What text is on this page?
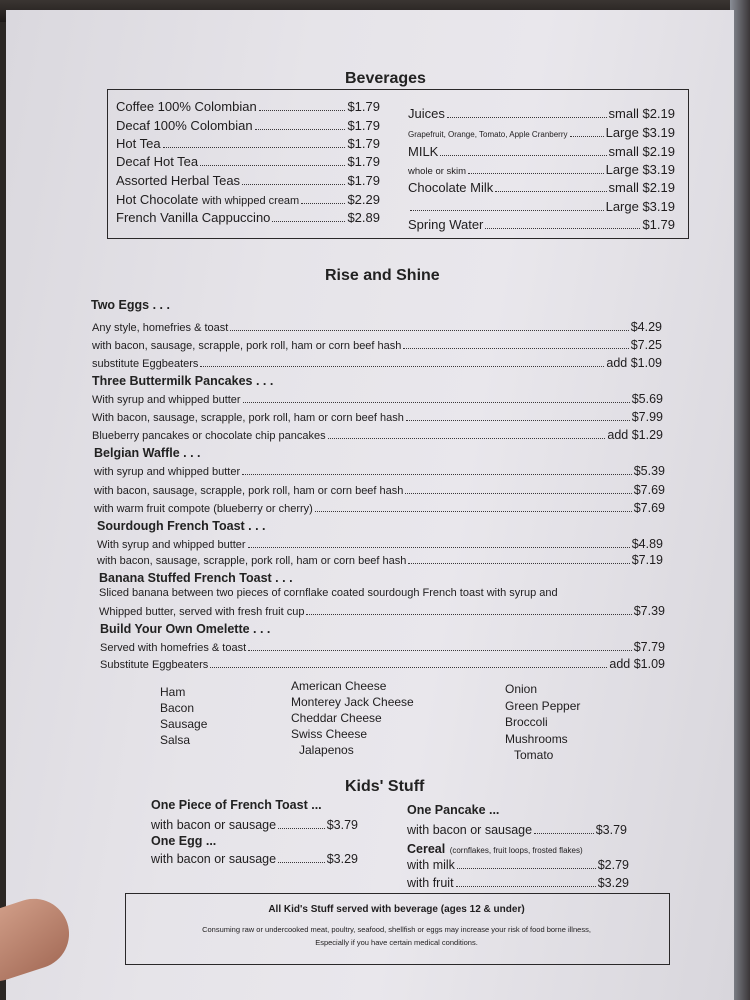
Beverages
Coffee 100% Colombian	$1.79
Decaf 100% Colombian	$1.79
Hot Tea	$1.79
Decaf Hot Tea	$1.79
Assorted Herbal Teas	$1.79
Hot Chocolate with whipped cream	$2.29
French Vanilla Cappuccino	$2.89
Juices	small $2.19
Grapefruit, Orange, Tomato, Apple Cranberry	Large $3.19
MILK	small $2.19
whole or skim	Large $3.19
Chocolate Milk	small $2.19
Large $3.19
Spring Water	$1.79
Rise and Shine
Two Eggs . . .
Any style, homefries & toast	$4.29
with bacon, sausage, scrapple, pork roll, ham or corn beef hash	$7.25
substitute Eggbeaters	add $1.09
Three Buttermilk Pancakes . . .
With syrup and whipped butter	$5.69
With bacon, sausage, scrapple, pork roll, ham or corn beef hash	$7.99
Blueberry pancakes or chocolate chip pancakes	add $1.29
Belgian Waffle . . .
with syrup and whipped butter	$5.39
with bacon, sausage, scrapple, pork roll, ham or corn beef hash	$7.69
with warm fruit compote (blueberry or cherry)	$7.69
Sourdough French Toast . . .
With syrup and whipped butter	$4.89
with bacon, sausage, scrapple, pork roll, ham or corn beef hash	$7.19
Banana Stuffed French Toast . . .
Sliced banana between two pieces of cornflake coated sourdough French toast with syrup and
Whipped butter, served with fresh fruit cup	$7.39
Build Your Own Omelette . . .
Served with homefries & toast	$7.79
Substitute Eggbeaters	add $1.09
Ham
Bacon
Sausage
Salsa
American Cheese
Monterey Jack Cheese
Cheddar Cheese
Swiss Cheese
Jalapenos
Onion
Green Pepper
Broccoli
Mushrooms
Tomato
Kids' Stuff
One Piece of French Toast ...
with bacon or sausage	$3.79
One Egg ...
with bacon or sausage	$3.29
One Pancake ...
with bacon or sausage	$3.79
Cereal (cornflakes, fruit loops, frosted flakes)
with milk	$2.79
with fruit	$3.29
All Kid's Stuff served with beverage (ages 12 & under)
Consuming raw or undercooked meat, poultry, seafood, shellfish or eggs may increase your risk of food borne illness,
Especially if you have certain medical conditions.
